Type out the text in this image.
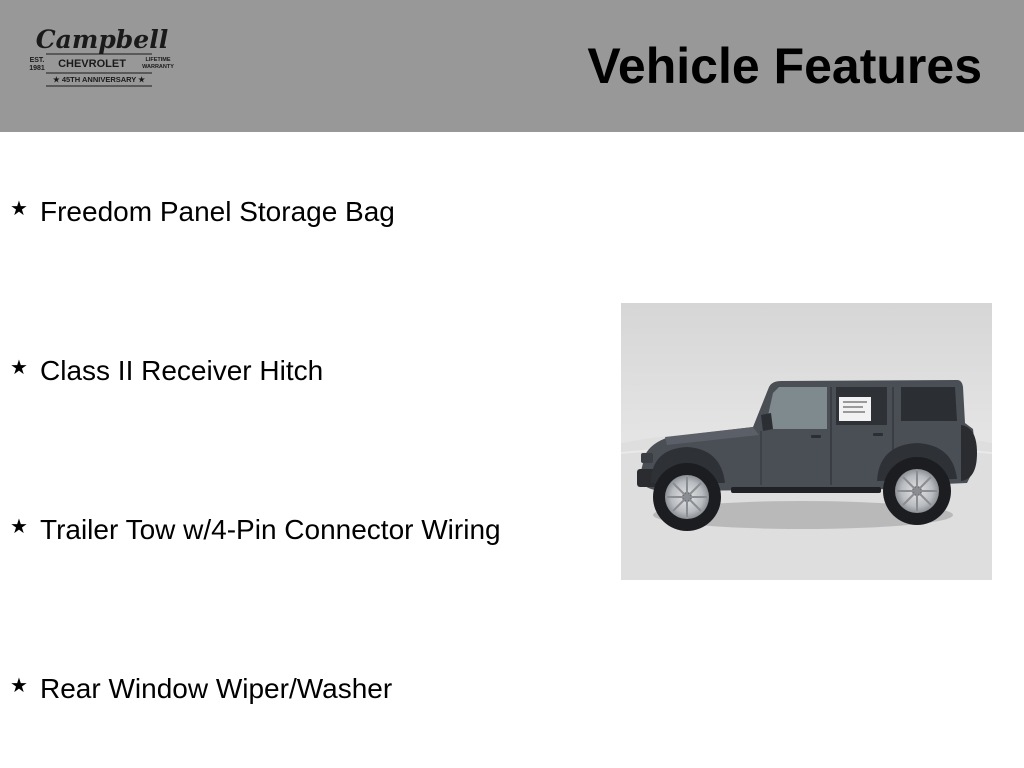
Campbell
EST.
1981 CHEVROLET	LIFETIME
WARRANTY
★ 45TH ANNIVERSARY ★	Vehicle Features
★ Freedom Panel Storage Bag
★ Class II Receiver Hitch
★ Trailer Tow w/4-Pin Connector Wiring
★ Rear Window Wiper/Washer
